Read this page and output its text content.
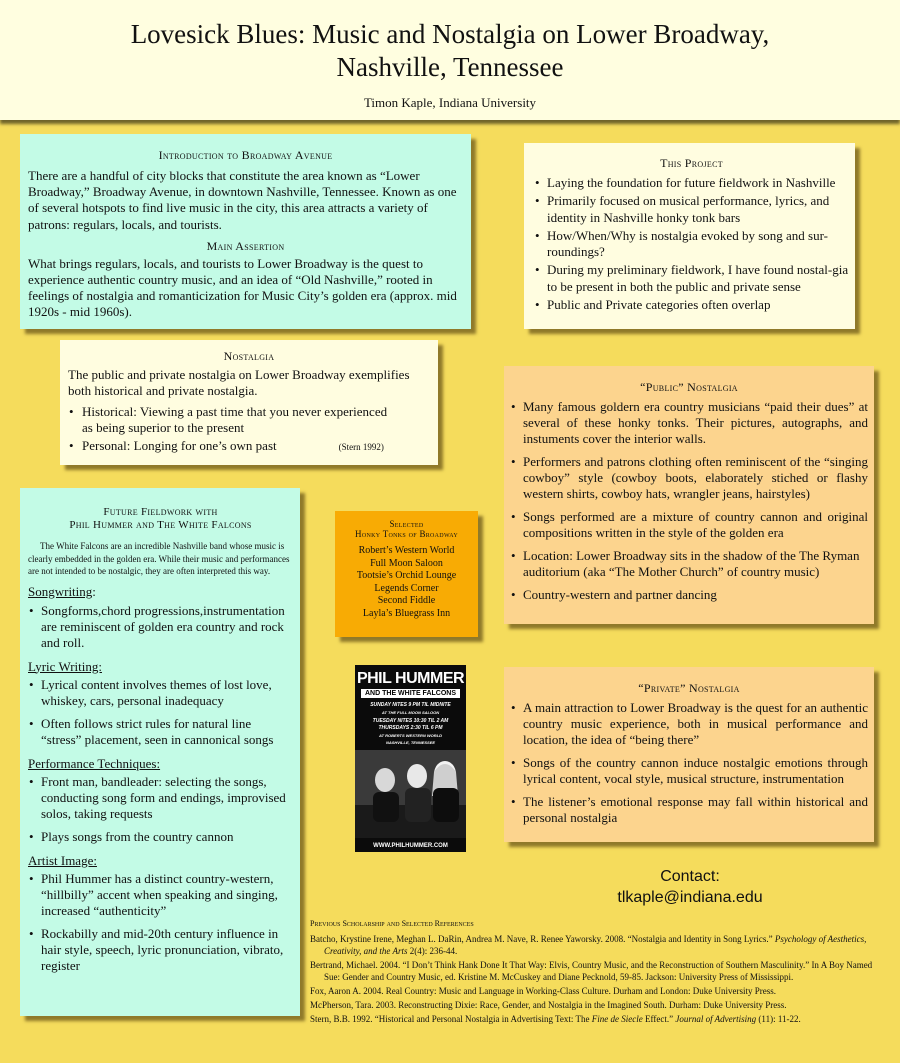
Lovesick Blues: Music and Nostalgia on Lower Broadway,
Nashville, Tennessee
Timon Kaple, Indiana University
Introduction to Broadway Avenue

There are a handful of city blocks that constitute the area known as “Lower Broadway,” Broadway Avenue, in downtown Nashville, Tennessee. Known as one of several hotspots to find live music in the city, this area attracts a variety of patrons: regulars, locals, and tourists.

Main Assertion

What brings regulars, locals, and tourists to Lower Broadway is the quest to experience authentic country music, and an idea of “Old Nashville,” rooted in feelings of nostalgia and romanticization for Music City’s golden era (approx. mid 1920s - mid 1960s).

This Project
• Laying the foundation for future fieldwork in Nashville
• Primarily focused on musical performance, lyrics, and identity in Nashville honky tonk bars
• How/When/Why is nostalgia evoked by song and sur-roundings?
• During my preliminary fieldwork, I have found nostal-gia to be present in both the public and private sense
• Public and Private categories often overlap
Nostalgia

The public and private nostalgia on Lower Broadway exemplifies both historical and private nostalgia.

• Historical: Viewing a past time that you never experienced as being superior to the present
• Personal: Longing for one’s own past	(Stern 1992)
“Public” Nostalgia
• Many famous goldern era country musicians “paid their dues” at several of these honky tonks. Their pictures, autographs, and instuments cover the interior walls.
• Performers and patrons clothing often reminiscent of the “singing cowboy” style (cowboy boots, elaborately stiched or flashy western shirts, cowboy hats, wrangler jeans, hairstyles)
• Songs performed are a mixture of country cannon and original compositions written in the style of the golden era
• Location: Lower Broadway sits in the shadow of the The Ryman auditorium (aka “The Mother Church” of country music)
• Country-western and partner dancing
Future Fieldwork with
Phil Hummer and The White Falcons

The White Falcons are an incredible Nashville band whose music is clearly embedded in the golden era. While their music and performances are not intended to be nostalgic, they are often interpreted this way.

Songwriting:
• Songforms,chord progressions,instrumentation are reminiscent of golden era country and rock and roll.
Lyric Writing:
• Lyrical content involves themes of lost love, whiskey, cars, personal inadequacy
• Often follows strict rules for natural line “stress” placement, seen in cannonical songs
Performance Techniques:
• Front man, bandleader: selecting the songs, conducting song form and endings, improvised solos, taking requests
• Plays songs from the country cannon
Artist Image:
• Phil Hummer has a distinct country-western, “hillbilly” accent when speaking and singing, increased “authenticity”
• Rockabilly and mid-20th century influence in hair style, speech, lyric pronunciation, vibrato, register
Selected
Honky Tonks of Broadway
Robert’s Western World
Full Moon Saloon
Tootsie’s Orchid Lounge
Legends Corner
Second Fiddle
Layla’s Bluegrass Inn
PHIL HUMMER
AND THE WHITE FALCONS
SUNDAY NITES 9 PM TIL MIDNITE
AT THE FULL MOON SALOON
TUESDAY NITES 10:30 TIL 2 AM
THURSDAYS 2:30 TIL 6 PM
AT ROBERTS WESTERN WORLD
NASHVILLE, TENNESSEE
WWW.PHILHUMMER.COM
“Private” Nostalgia
• A main attraction to Lower Broadway is the quest for an authentic country music experience, both in musical performance and location, the idea of “being there”
• Songs of the country cannon induce nostalgic emotions through lyrical content, vocal style, musical structure, instrumentation
• The listener’s emotional response may fall within historical and personal nostalgia
Contact:
tlkaple@indiana.edu
Previous Scholarship and Selected References
Batcho, Krystine Irene, Meghan L. DaRin, Andrea M. Nave, R. Renee Yaworsky. 2008. “Nostalgia and Identity in Song Lyrics.” Psychology of Aesthetics, Creativity, and the Arts 2(4): 236-44.
Bertrand, Michael. 2004. “I Don’t Think Hank Done It That Way: Elvis, Country Music, and the Reconstruction of Southern Masculinity.” In A Boy Named Sue: Gender and Country Music, ed. Kristine M. McCuskey and Diane Pecknold, 59-85. Jackson: University Press of Mississippi.
Fox, Aaron A. 2004. Real Country: Music and Language in Working-Class Culture. Durham and London: Duke University Press.
McPherson, Tara. 2003. Reconstructing Dixie: Race, Gender, and Nostalgia in the Imagined South. Durham: Duke University Press.
Stern, B.B. 1992. “Historical and Personal Nostalgia in Advertising Text: The Fine de Siecle Effect.” Journal of Advertising (11): 11-22.
